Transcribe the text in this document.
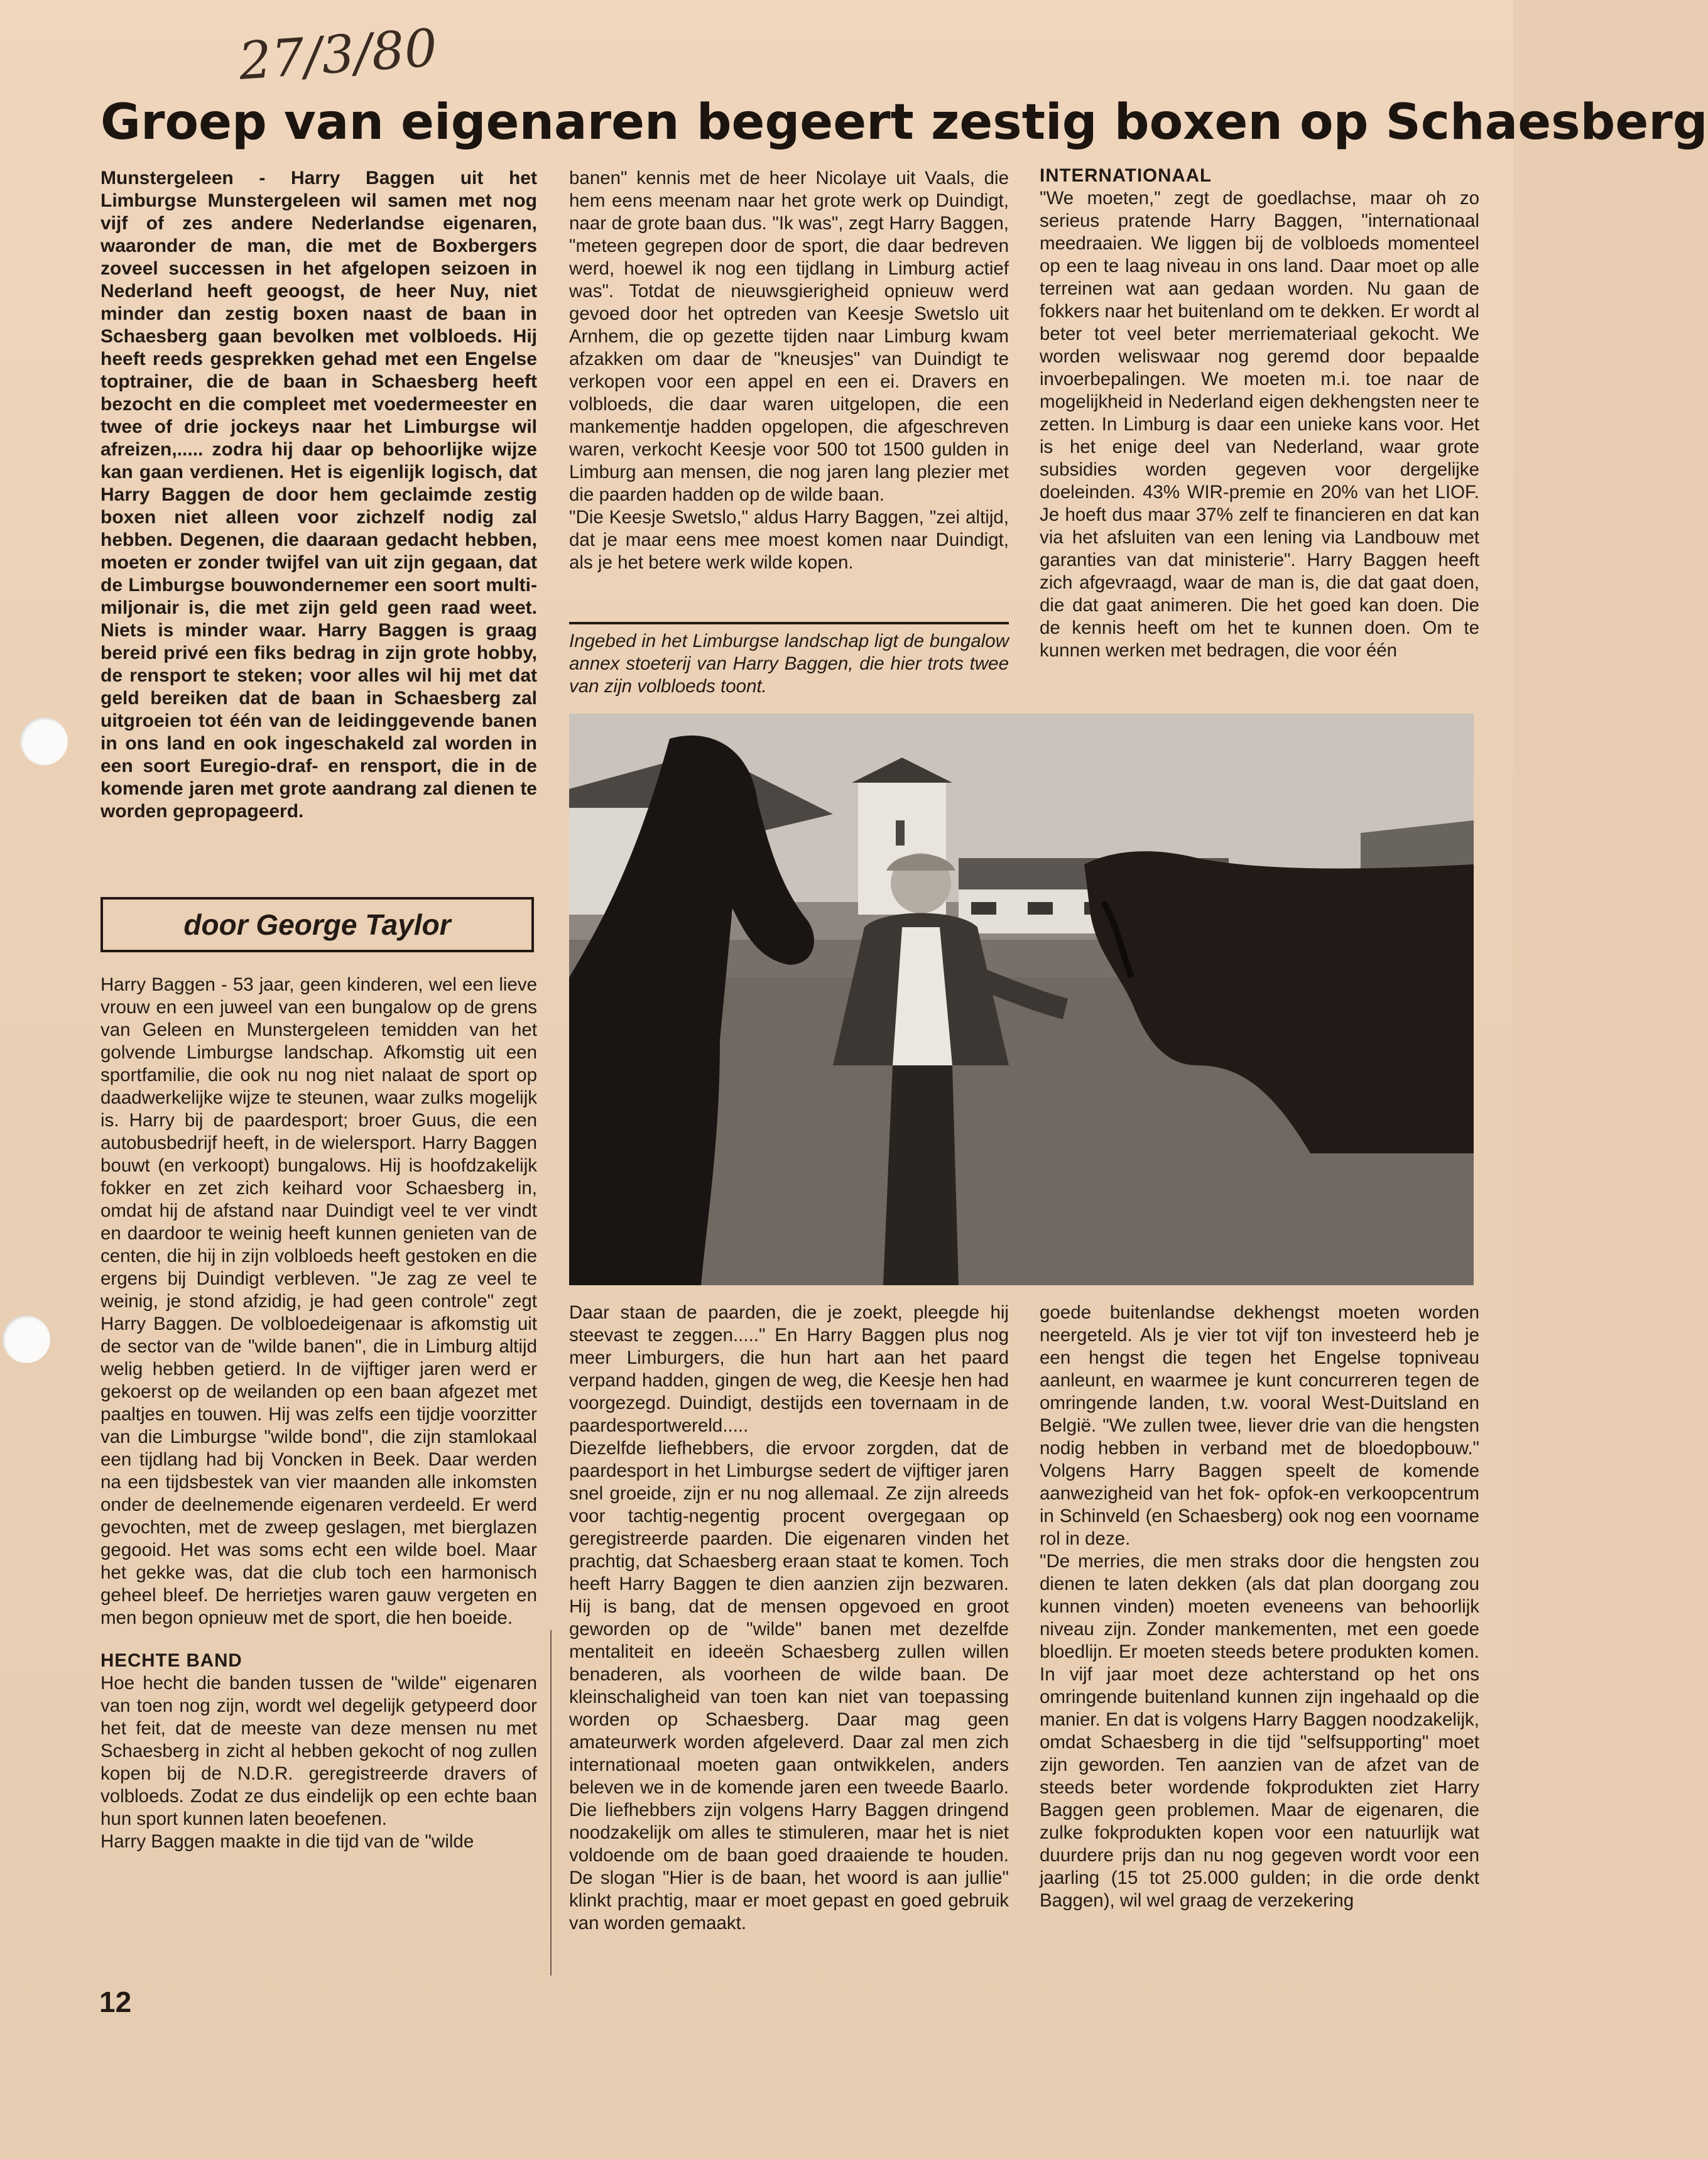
27/3/80
Groep van eigenaren begeert zestig boxen op Schaesberg

Munstergeleen - Harry Baggen uit het Limburgse Munstergeleen wil samen met nog vijf of zes andere Nederlandse eigenaren, waaronder de man, die met de Boxbergers zoveel successen in het afgelopen seizoen in Nederland heeft geoogst, de heer Nuy, niet minder dan zestig boxen naast de baan in Schaesberg gaan bevolken met volbloeds. Hij heeft reeds gesprekken gehad met een Engelse toptrainer, die de baan in Schaesberg heeft bezocht en die compleet met voedermeester en twee of drie jockeys naar het Limburgse wil afreizen,..... zodra hij daar op behoorlijke wijze kan gaan verdienen. Het is eigenlijk logisch, dat Harry Baggen de door hem geclaimde zestig boxen niet alleen voor zichzelf nodig zal hebben. Degenen, die daaraan gedacht hebben, moeten er zonder twijfel van uit zijn gegaan, dat de Limburgse bouwondernemer een soort multi-miljonair is, die met zijn geld geen raad weet. Niets is minder waar. Harry Baggen is graag bereid privé een fiks bedrag in zijn grote hobby, de rensport te steken; voor alles wil hij met dat geld bereiken dat de baan in Schaesberg zal uitgroeien tot één van de leidinggevende banen in ons land en ook ingeschakeld zal worden in een soort Euregio-draf- en rensport, die in de komende jaren met grote aandrang zal dienen te worden gepropageerd.

door George Taylor

Harry Baggen - 53 jaar, geen kinderen, wel een lieve vrouw en een juweel van een bungalow op de grens van Geleen en Munstergeleen temidden van het golvende Limburgse landschap. Afkomstig uit een sportfamilie, die ook nu nog niet nalaat de sport op daadwerkelijke wijze te steunen, waar zulks mogelijk is. Harry bij de paardesport; broer Guus, die een autobusbedrijf heeft, in de wielersport. Harry Baggen bouwt (en verkoopt) bungalows. Hij is hoofdzakelijk fokker en zet zich keihard voor Schaesberg in, omdat hij de afstand naar Duindigt veel te ver vindt en daardoor te weinig heeft kunnen genieten van de centen, die hij in zijn volbloeds heeft gestoken en die ergens bij Duindigt verbleven. "Je zag ze veel te weinig, je stond afzidig, je had geen controle" zegt Harry Baggen. De volbloedeigenaar is afkomstig uit de sector van de "wilde banen", die in Limburg altijd welig hebben getierd. In de vijftiger jaren werd er gekoerst op de weilanden op een baan afgezet met paaltjes en touwen. Hij was zelfs een tijdje voorzitter van die Limburgse "wilde bond", die zijn stamlokaal een tijdlang had bij Voncken in Beek. Daar werden na een tijdsbestek van vier maanden alle inkomsten onder de deelnemende eigenaren verdeeld. Er werd gevochten, met de zweep geslagen, met bierglazen gegooid. Het was soms echt een wilde boel. Maar het gekke was, dat die club toch een harmonisch geheel bleef. De herrietjes waren gauw vergeten en men begon opnieuw met de sport, die hen boeide.

HECHTE BAND

Hoe hecht die banden tussen de "wilde" eigenaren van toen nog zijn, wordt wel degelijk getypeerd door het feit, dat de meeste van deze mensen nu met Schaesberg in zicht al hebben gekocht of nog zullen kopen bij de N.D.R. geregistreerde dravers of volbloeds. Zodat ze dus eindelijk op een echte baan hun sport kunnen laten beoefenen.

Harry Baggen maakte in die tijd van de "wilde

banen" kennis met de heer Nicolaye uit Vaals, die hem eens meenam naar het grote werk op Duindigt, naar de grote baan dus. "Ik was", zegt Harry Baggen, "meteen gegrepen door de sport, die daar bedreven werd, hoewel ik nog een tijdlang in Limburg actief was". Totdat de nieuwsgierigheid opnieuw werd gevoed door het optreden van Keesje Swetslo uit Arnhem, die op gezette tijden naar Limburg kwam afzakken om daar de "kneusjes" van Duindigt te verkopen voor een appel en een ei. Dravers en volbloeds, die daar waren uitgelopen, die een mankementje hadden opgelopen, die afgeschreven waren, verkocht Keesje voor 500 tot 1500 gulden in Limburg aan mensen, die nog jaren lang plezier met die paarden hadden op de wilde baan.

"Die Keesje Swetslo," aldus Harry Baggen, "zei altijd, dat je maar eens mee moest komen naar Duindigt, als je het betere werk wilde kopen.

Ingebed in het Limburgse landschap ligt de bungalow annex stoeterij van Harry Baggen, die hier trots twee van zijn volbloeds toont.

INTERNATIONAAL

"We moeten," zegt de goedlachse, maar oh zo serieus pratende Harry Baggen, "internationaal meedraaien. We liggen bij de volbloeds momenteel op een te laag niveau in ons land. Daar moet op alle terreinen wat aan gedaan worden. Nu gaan de fokkers naar het buitenland om te dekken. Er wordt al beter tot veel beter merriemateriaal gekocht. We worden weliswaar nog geremd door bepaalde invoerbepalingen. We moeten m.i. toe naar de mogelijkheid in Nederland eigen dekhengsten neer te zetten. In Limburg is daar een unieke kans voor. Het is het enige deel van Nederland, waar grote subsidies worden gegeven voor dergelijke doeleinden. 43% WIR-premie en 20% van het LIOF. Je hoeft dus maar 37% zelf te financieren en dat kan via het afsluiten van een lening via Landbouw met garanties van dat ministerie". Harry Baggen heeft zich afgevraagd, waar de man is, die dat gaat doen, die dat gaat animeren. Die het goed kan doen. Die de kennis heeft om het te kunnen doen. Om te kunnen werken met bedragen, die voor één

Daar staan de paarden, die je zoekt, pleegde hij steevast te zeggen....." En Harry Baggen plus nog meer Limburgers, die hun hart aan het paard verpand hadden, gingen de weg, die Keesje hen had voorgezegd. Duindigt, destijds een tovernaam in de paardesportwereld.....

Diezelfde liefhebbers, die ervoor zorgden, dat de paardesport in het Limburgse sedert de vijftiger jaren snel groeide, zijn er nu nog allemaal. Ze zijn alreeds voor tachtig-negentig procent overgegaan op geregistreerde paarden. Die eigenaren vinden het prachtig, dat Schaesberg eraan staat te komen. Toch heeft Harry Baggen te dien aanzien zijn bezwaren. Hij is bang, dat de mensen opgevoed en groot geworden op de "wilde" banen met dezelfde mentaliteit en ideeën Schaesberg zullen willen benaderen, als voorheen de wilde baan. De kleinschaligheid van toen kan niet van toepassing worden op Schaesberg. Daar mag geen amateurwerk worden afgeleverd. Daar zal men zich internationaal moeten gaan ontwikkelen, anders beleven we in de komende jaren een tweede Baarlo. Die liefhebbers zijn volgens Harry Baggen dringend noodzakelijk om alles te stimuleren, maar het is niet voldoende om de baan goed draaiende te houden. De slogan "Hier is de baan, het woord is aan jullie" klinkt prachtig, maar er moet gepast en goed gebruik van worden gemaakt.

goede buitenlandse dekhengst moeten worden neergeteld. Als je vier tot vijf ton investeerd heb je een hengst die tegen het Engelse topniveau aanleunt, en waarmee je kunt concurreren tegen de omringende landen, t.w. vooral West-Duitsland en België. "We zullen twee, liever drie van die hengsten nodig hebben in verband met de bloedopbouw." Volgens Harry Baggen speelt de komende aanwezigheid van het fok- opfok-en verkoopcentrum in Schinveld (en Schaesberg) ook nog een voorname rol in deze.

"De merries, die men straks door die hengsten zou dienen te laten dekken (als dat plan doorgang zou kunnen vinden) moeten eveneens van behoorlijk niveau zijn. Zonder mankementen, met een goede bloedlijn. Er moeten steeds betere produkten komen. In vijf jaar moet deze achterstand op het ons omringende buitenland kunnen zijn ingehaald op die manier. En dat is volgens Harry Baggen noodzakelijk, omdat Schaesberg in die tijd "selfsupporting" moet zijn geworden. Ten aanzien van de afzet van de steeds beter wordende fokprodukten ziet Harry Baggen geen problemen. Maar de eigenaren, die zulke fokprodukten kopen voor een natuurlijk wat duurdere prijs dan nu nog gegeven wordt voor een jaarling (15 tot 25.000 gulden; in die orde denkt Baggen), wil wel graag de verzekering

12
